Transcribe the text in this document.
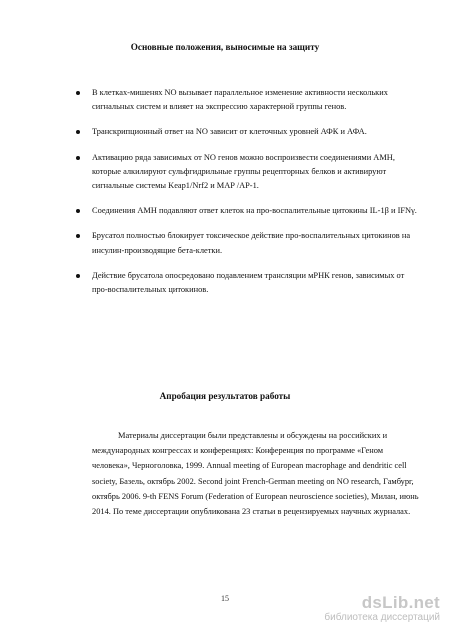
Основные положения, выносимые на защиту
В клетках-мишенях NO вызывает параллельное изменение активности нескольких сигнальных систем и влияет на экспрессию характерной группы генов.
Транскрипционный ответ на NO зависит от клеточных уровней АФК и АФА.
Активацию ряда зависимых от NO генов можно воспроизвести соединениями АМН, которые алкилируют сульфгидрильные группы рецепторных белков и активируют сигнальные системы Keap1/Nrf2 и MAP /AP-1.
Соединения АМН подавляют ответ клеток на про-воспалительные цитокины IL-1β и IFNγ.
Брусатол полностью блокирует токсическое действие про-воспалительных цитокинов на инсулин-производящие бета-клетки.
Действие брусатола опосредовано подавлением трансляции мРНК генов, зависимых от про-воспалительных цитокинов.
Апробация результатов работы

Материалы диссертации были представлены и обсуждены на российских и международных конгрессах и конференциях: Конференция по программе «Геном человека», Черноголовка, 1999. Annual meeting of European macrophage and dendritic cell society, Базель, октябрь 2002. Second joint French-German meeting on NO research, Гамбург, октябрь 2006. 9-th FENS Forum (Federation of European neuroscience societies), Милан, июнь 2014. По теме диссертации опубликована 23 статьи в рецензируемых научных журналах.

15	dsLib.net
библиотека диссертаций
